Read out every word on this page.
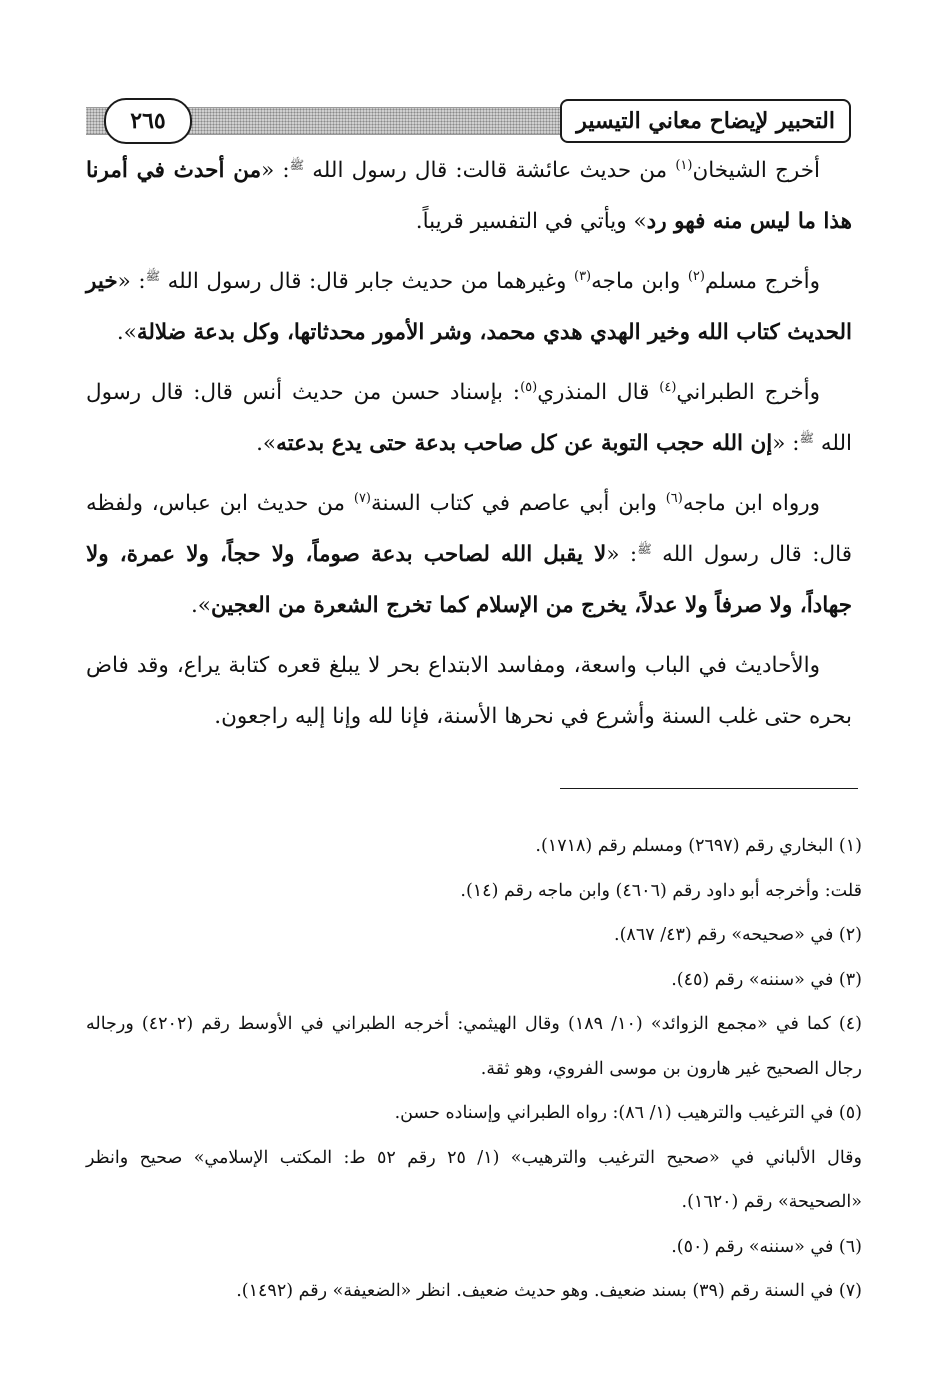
التحبير لإيضاح معاني التيسير
٢٦٥

أخرج الشيخان$^{(١)}$ من حديث عائشة قالت: قال رسول الله $^ﷺ$: «من أحدث في أمرنا هذا ما ليس منه فهو رد» ويأتي في التفسير قريباً.

وأخرج مسلم$^{(٢)}$ وابن ماجه$^{(٣)}$ وغيرهما من حديث جابر قال: قال رسول الله $^ﷺ$: «خير الحديث كتاب الله وخير الهدي هدي محمد، وشر الأمور محدثاتها، وكل بدعة ضلالة».

وأخرج الطبراني$^{(٤)}$ قال المنذري$^{(٥)}$: بإسناد حسن من حديث أنس قال: قال رسول الله $^ﷺ$: «إن الله حجب التوبة عن كل صاحب بدعة حتى يدع بدعته».

ورواه ابن ماجه$^{(٦)}$ وابن أبي عاصم في كتاب السنة$^{(٧)}$ من حديث ابن عباس، ولفظه قال: قال رسول الله $^ﷺ$: «لا يقبل الله لصاحب بدعة صوماً، ولا حجاً، ولا عمرة، ولا جهاداً، ولا صرفاً ولا عدلاً، يخرج من الإسلام كما تخرج الشعرة من العجين».

والأحاديث في الباب واسعة، ومفاسد الابتداع بحر لا يبلغ قعره كتابة يراع، وقد فاض بحره حتى غلب السنة وأشرع في نحرها الأسنة، فإنا لله وإنا إليه راجعون.

(١) البخاري رقم (٢٦٩٧) ومسلم رقم (١٧١٨).

قلت: وأخرجه أبو داود رقم (٤٦٠٦) وابن ماجه رقم (١٤).

(٢) في «صحيحه» رقم (٤٣/ ٨٦٧).

(٣) في «سننه» رقم (٤٥).

(٤) كما في «مجمع الزوائد» (١٠/ ١٨٩) وقال الهيثمي: أخرجه الطبراني في الأوسط رقم (٤٢٠٢) ورجاله رجال الصحيح غير هارون بن موسى الفروي، وهو ثقة.

(٥) في الترغيب والترهيب (١/ ٨٦): رواه الطبراني وإسناده حسن.

وقال الألباني في «صحيح الترغيب والترهيب» (١/ ٢٥ رقم ٥٢ ط: المكتب الإسلامي» صحيح وانظر «الصحيحة» رقم (١٦٢٠).

(٦) في «سننه» رقم (٥٠).

(٧) في السنة رقم (٣٩) بسند ضعيف. وهو حديث ضعيف. انظر «الضعيفة» رقم (١٤٩٢).
